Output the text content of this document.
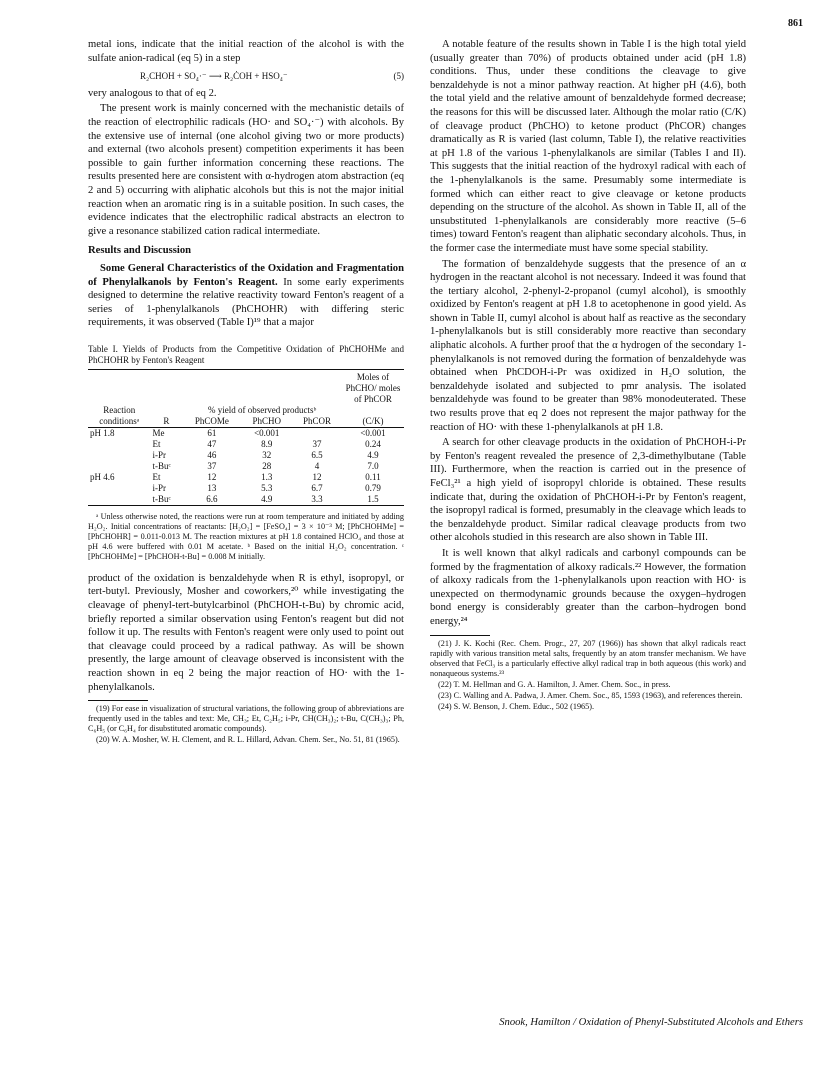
861

metal ions, indicate that the initial reaction of the alcohol is with the sulfate anion-radical (eq 5) in a step

R₂CHOH + SO₄·⁻ ⟶ R₂ĊOH + HSO₄⁻	(5)

very analogous to that of eq 2.

The present work is mainly concerned with the mechanistic details of the reaction of electrophilic radicals (HO· and SO₄·⁻) with alcohols. By the extensive use of internal (one alcohol giving two or more products) and external (two alcohols present) competition experiments it has been possible to gain further information concerning these reactions. The results presented here are consistent with α-hydrogen atom abstraction (eq 2 and 5) occurring with aliphatic alcohols but this is not the major initial reaction when an aromatic ring is in a suitable position. In such cases, the evidence indicates that the electrophilic radical abstracts an electron to give a resonance stabilized cation radical intermediate.

Results and Discussion

Some General Characteristics of the Oxidation and Fragmentation of Phenylalkanols by Fenton's Reagent. In some early experiments designed to determine the relative reactivity toward Fenton's reagent of a series of 1-phenylalkanols (PhCHOHR) with differing steric requirements, it was observed (Table I)¹⁹ that a major

Table I. Yields of Products from the Competitive Oxidation of PhCHOHMe and PhCHOHR by Fenton's Reagent
					Moles of PhCHO/ moles of PhCOR
Reaction		% yield of observed productsᵇ			
conditionsᵃ	R	PhCOMe	PhCHO	PhCOR	(C/K)
pH 1.8	Me	61	<0.001		<0.001
	Et	47	8.9	37	0.24
	i-Pr	46	32	6.5	4.9
	t-Buᶜ	37	28	4	7.0
pH 4.6	Et	12	1.3	12	0.11
	i-Pr	13	5.3	6.7	0.79
	t-Buᶜ	6.6	4.9	3.3	1.5
ᵃ Unless otherwise noted, the reactions were run at room temperature and initiated by adding H₂O₂. Initial concentrations of reactants: [H₂O₂] = [FeSO₄] = 3 × 10⁻³ M; [PhCHOHMe] = [PhCHOHR] = 0.011-0.013 M. The reaction mixtures at pH 1.8 contained HClO₄ and those at pH 4.6 were buffered with 0.01 M acetate. ᵇ Based on the initial H₂O₂ concentration. ᶜ [PhCHOHMe] = [PhCHOH-t-Bu] = 0.008 M initially.

product of the oxidation is benzaldehyde when R is ethyl, isopropyl, or tert-butyl. Previously, Mosher and coworkers,²⁰ while investigating the cleavage of phenyl-tert-butylcarbinol (PhCHOH-t-Bu) by chromic acid, briefly reported a similar observation using Fenton's reagent but did not follow it up. The results with Fenton's reagent were only used to point out that cleavage could proceed by a radical pathway. As will be shown presently, the large amount of cleavage observed is inconsistent with the reaction shown in eq 2 being the major reaction of HO· with the 1-phenylalkanols.

(19) For ease in visualization of structural variations, the following group of abbreviations are frequently used in the tables and text: Me, CH₃; Et, C₂H₅; i-Pr, CH(CH₃)₂; t-Bu, C(CH₃)₃; Ph, C₆H₅ (or C₆H₄ for disubstituted aromatic compounds).
(20) W. A. Mosher, W. H. Clement, and R. L. Hillard, Advan. Chem. Ser., No. 51, 81 (1965).

A notable feature of the results shown in Table I is the high total yield (usually greater than 70%) of products obtained under acid (pH 1.8) conditions. Thus, under these conditions the cleavage to give benzaldehyde is not a minor pathway reaction. At higher pH (4.6), both the total yield and the relative amount of benzaldehyde formed decrease; the reasons for this will be discussed later. Although the molar ratio (C/K) of cleavage product (PhCHO) to ketone product (PhCOR) changes dramatically as R is varied (last column, Table I), the relative reactivities at pH 1.8 of the various 1-phenylalkanols are similar (Tables I and II). This suggests that the initial reaction of the hydroxyl radical with each of the 1-phenylalkanols is the same. Presumably some intermediate is formed which can either react to give cleavage or ketone products depending on the structure of the alcohol. As shown in Table II, all of the unsubstituted 1-phenylalkanols are considerably more reactive (5–6 times) toward Fenton's reagent than aliphatic secondary alcohols. Thus, in the former case the intermediate must have some special stability.

The formation of benzaldehyde suggests that the presence of an α hydrogen in the reactant alcohol is not necessary. Indeed it was found that the tertiary alcohol, 2-phenyl-2-propanol (cumyl alcohol), is smoothly oxidized by Fenton's reagent at pH 1.8 to acetophenone in good yield. As shown in Table II, cumyl alcohol is about half as reactive as the secondary 1-phenylalkanols but is still considerably more reactive than secondary aliphatic alcohols. A further proof that the α hydrogen of the secondary 1-phenylalkanols is not removed during the formation of benzaldehyde was obtained when PhCDOH-i-Pr was oxidized in H₂O solution, the benzaldehyde isolated and subjected to pmr analysis. The isolated benzaldehyde was found to be greater than 98% monodeuterated. These two results prove that eq 2 does not represent the major pathway for the reaction of HO· with these 1-phenylalkanols at pH 1.8.

A search for other cleavage products in the oxidation of PhCHOH-i-Pr by Fenton's reagent revealed the presence of 2,3-dimethylbutane (Table III). Furthermore, when the reaction is carried out in the presence of FeCl₃²¹ a high yield of isopropyl chloride is obtained. These results indicate that, during the oxidation of PhCHOH-i-Pr by Fenton's reagent, the isopropyl radical is formed, presumably in the cleavage which leads to the benzaldehyde product. Similar radical cleavage products from two other alcohols studied in this research are also shown in Table III.

It is well known that alkyl radicals and carbonyl compounds can be formed by the fragmentation of alkoxy radicals.²² However, the formation of alkoxy radicals from the 1-phenylalkanols upon reaction with HO· is unexpected on thermodynamic grounds because the oxygen–hydrogen bond energy is considerably greater than the carbon–hydrogen bond energy,²⁴

(21) J. K. Kochi (Rec. Chem. Progr., 27, 207 (1966)) has shown that alkyl radicals react rapidly with various transition metal salts, frequently by an atom transfer mechanism. We have observed that FeCl₃ is a particularly effective alkyl radical trap in both aqueous (this work) and nonaqueous systems.²³
(22) T. M. Hellman and G. A. Hamilton, J. Amer. Chem. Soc., in press.
(23) C. Walling and A. Padwa, J. Amer. Chem. Soc., 85, 1593 (1963), and references therein.
(24) S. W. Benson, J. Chem. Educ., 502 (1965).
Snook, Hamilton / Oxidation of Phenyl-Substituted Alcohols and Ethers
